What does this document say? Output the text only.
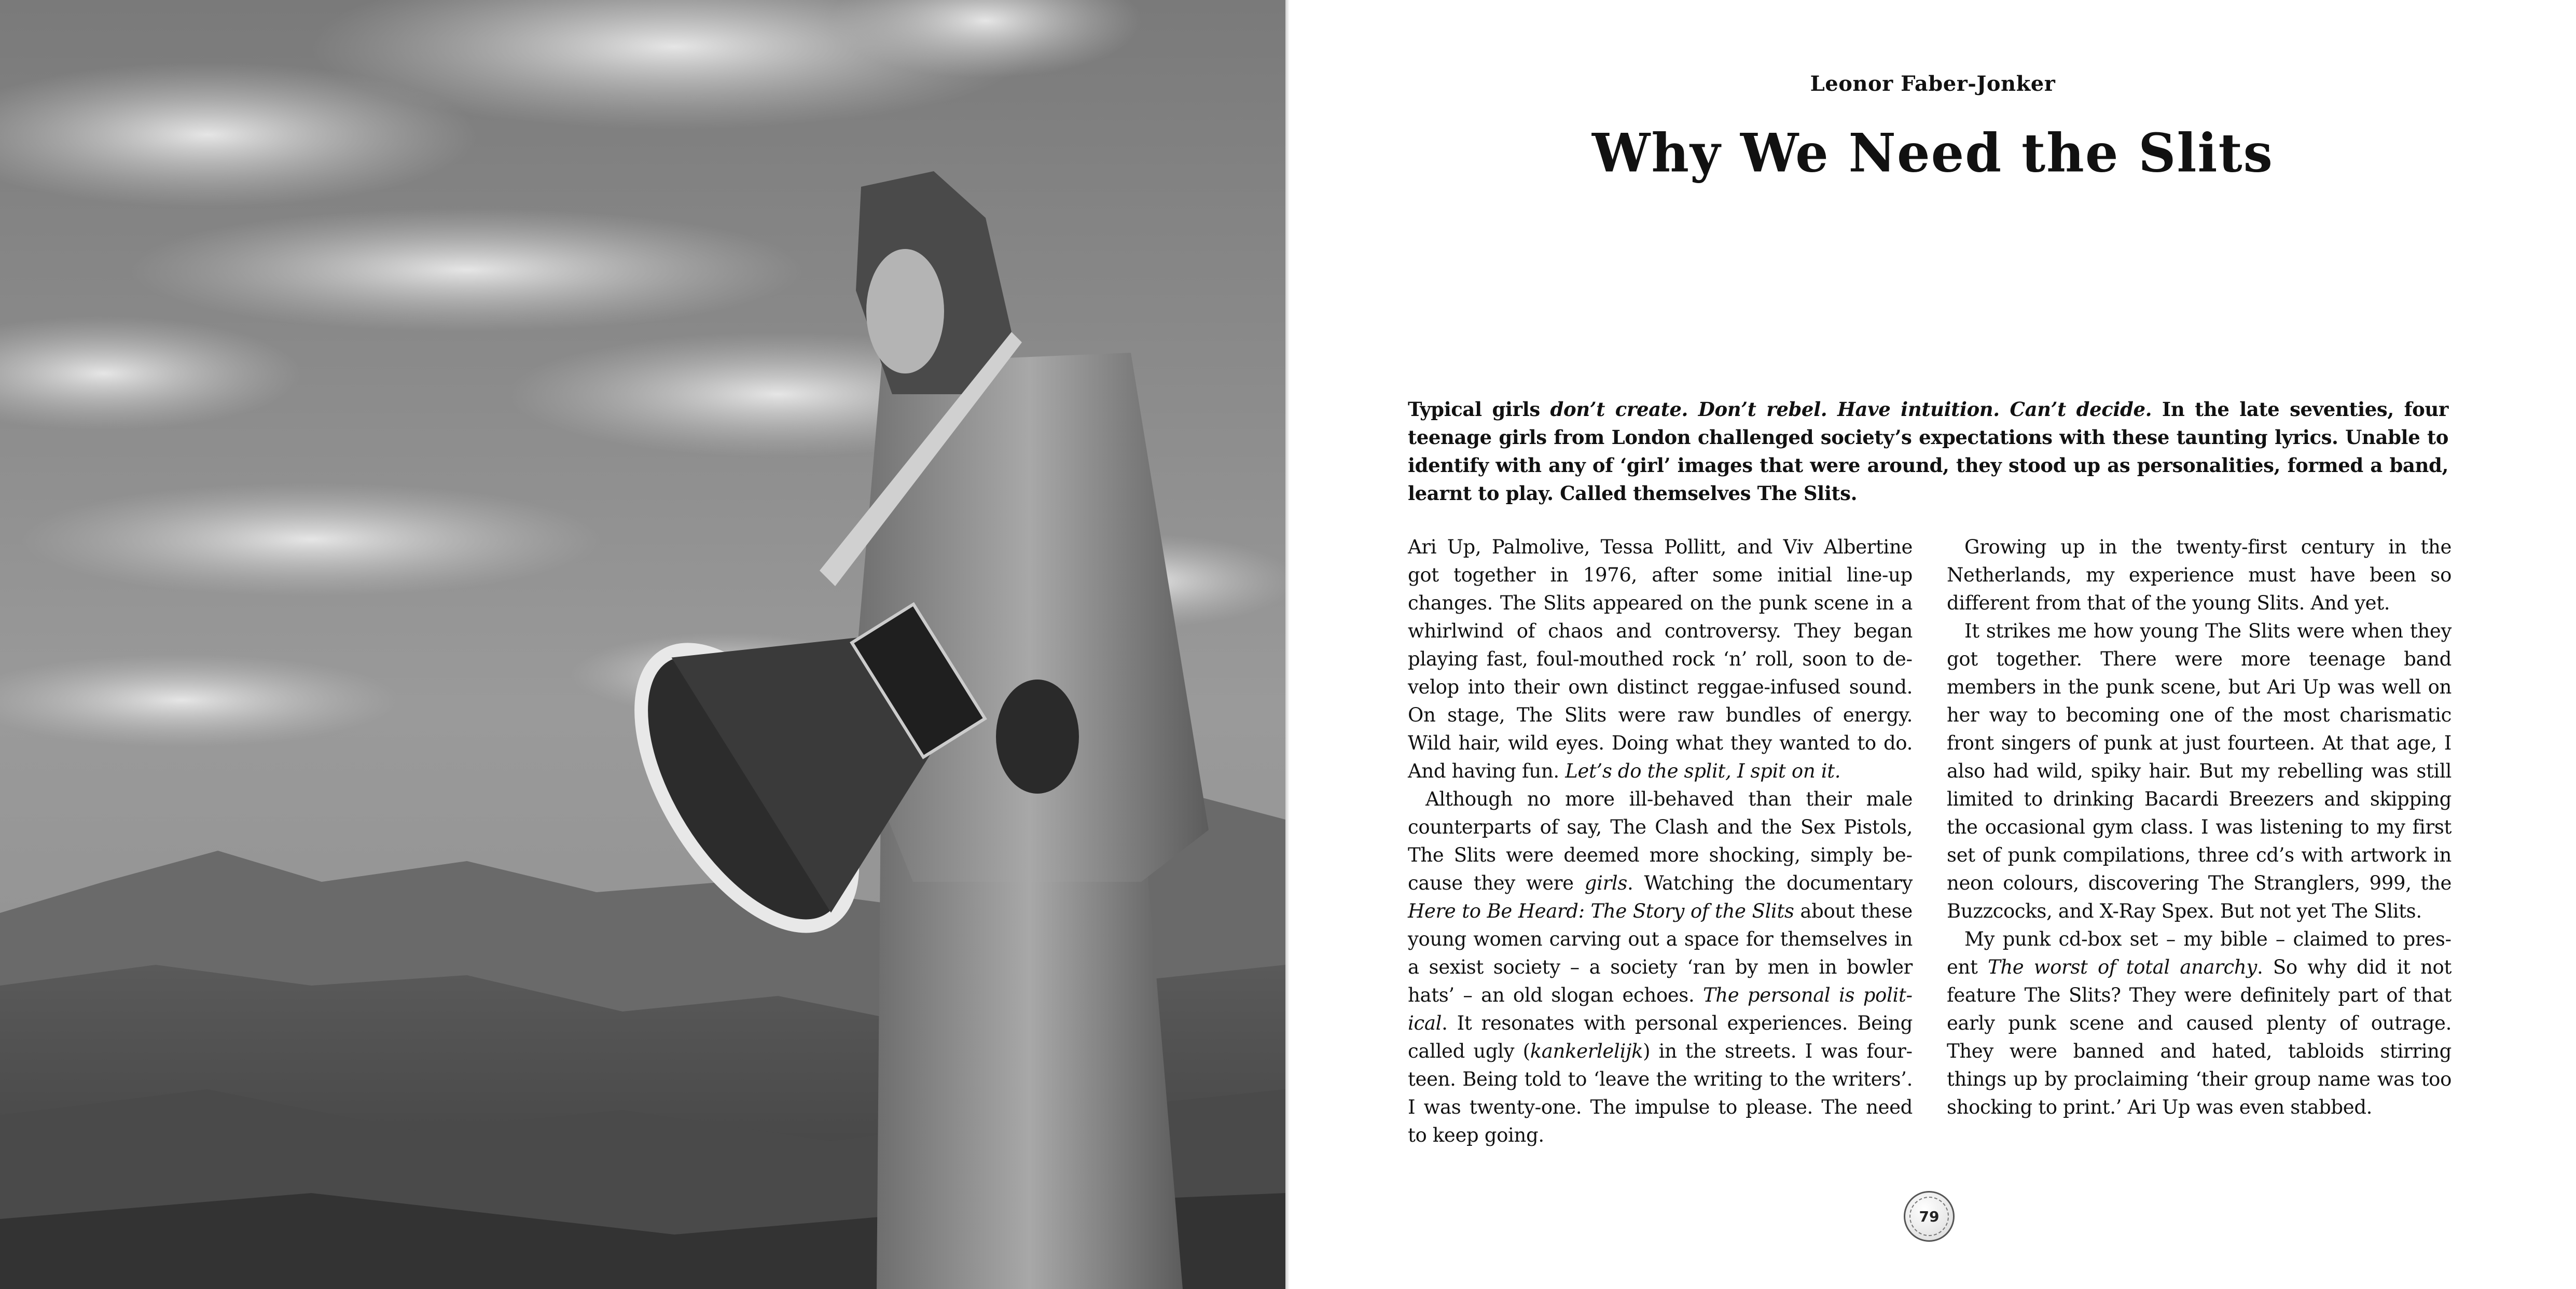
Leonor Faber-Jonker
Why We Need the Slits

Typical girls don’t create. Don’t rebel. Have intuition. Can’t decide. In the late seventies, four teenage girls from London challenged society’s expectations with these taunting lyrics. Unable to identify with any of ‘girl’ images that were around, they stood up as personalities, formed a band, learnt to play. Called themselves The Slits.

Ari Up, Palmolive, Tessa Pollitt, and Viv Albertine got together in 1976, after some initial line-up changes. The Slits appeared on the punk scene in a whirlwind of chaos and controversy. They began playing fast, foul-mouthed rock ‘n’ roll, soon to develop into their own distinct reggae-infused sound. On stage, The Slits were raw bundles of energy. Wild hair, wild eyes. Doing what they wanted to do. And having fun. Let’s do the split, I spit on it.

Although no more ill-behaved than their male counterparts of say, The Clash and the Sex Pistols, The Slits were deemed more shocking, simply because they were girls. Watching the documentary Here to Be Heard: The Story of the Slits about these young women carving out a space for themselves in a sexist society – a society ‘ran by men in bowler hats’ – an old slogan echoes. The personal is political. It resonates with personal experiences. Being called ugly (kankerlelijk) in the streets. I was fourteen. Being told to ‘leave the writing to the writers’. I was twenty-one. The impulse to please. The need to keep going.

Growing up in the twenty-first century in the Netherlands, my experience must have been so different from that of the young Slits. And yet.

It strikes me how young The Slits were when they got together. There were more teenage band members in the punk scene, but Ari Up was well on her way to becoming one of the most charismatic front singers of punk at just fourteen. At that age, I also had wild, spiky hair. But my rebelling was still limited to drinking Bacardi Breezers and skipping the occasional gym class. I was listening to my first set of punk compilations, three cd’s with artwork in neon colours, discovering The Stranglers, 999, the Buzzcocks, and X-Ray Spex. But not yet The Slits.

My punk cd-box set – my bible – claimed to present The worst of total anarchy. So why did it not feature The Slits? They were definitely part of that early punk scene and caused plenty of outrage. They were banned and hated, tabloids stirring things up by proclaiming ‘their group name was too shocking to print.’ Ari Up was even stabbed.

79
